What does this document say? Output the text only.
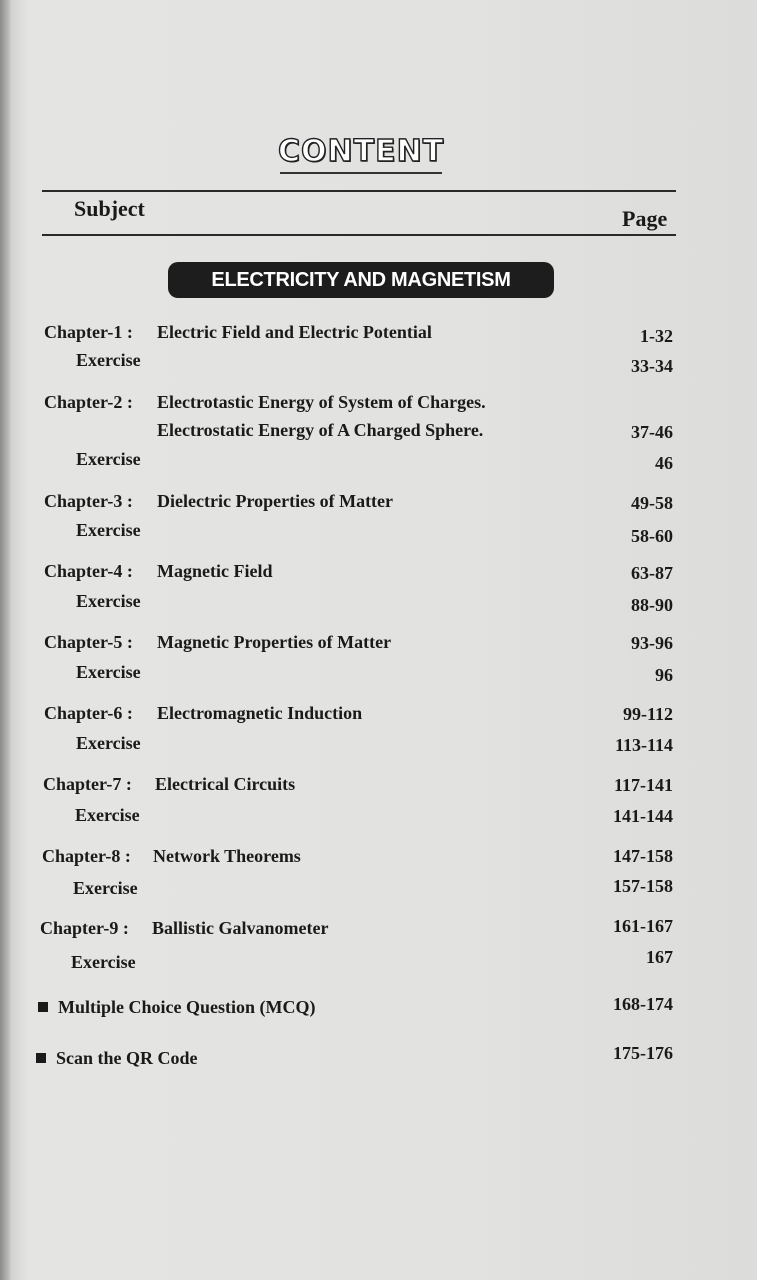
CONTENT
Subject	Page
ELECTRICITY AND MAGNETISM
Chapter-1 : Electric Field and Electric Potential	1-32
Exercise	33-34
Chapter-2 : Electrotastic Energy of System of Charges.
Electrostatic Energy of A Charged Sphere.	37-46
Exercise	46
Chapter-3 : Dielectric Properties of Matter	49-58
Exercise	58-60
Chapter-4 : Magnetic Field	63-87
Exercise	88-90
Chapter-5 : Magnetic Properties of Matter	93-96
Exercise	96
Chapter-6 : Electromagnetic Induction	99-112
Exercise	113-114
Chapter-7 : Electrical Circuits	117-141
Exercise	141-144
Chapter-8 : Network Theorems	147-158
Exercise	157-158
Chapter-9 : Ballistic Galvanometer	161-167
Exercise	167
Multiple Choice Question (MCQ)	168-174
Scan the QR Code	175-176
